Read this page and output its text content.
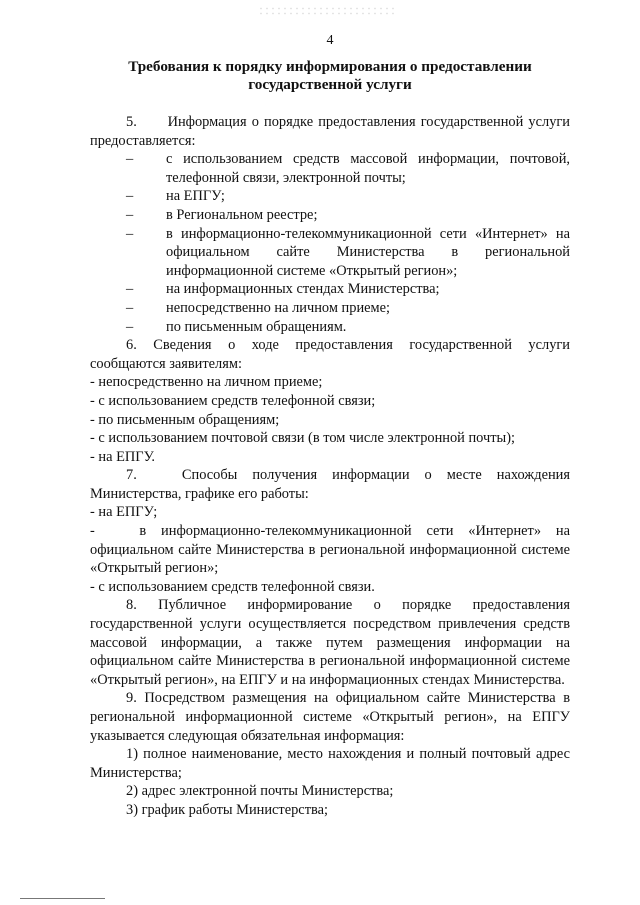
4
Требования к порядку информирования о предоставлении
государственной услуги

5.      Информация о порядке предоставления государственной услуги предоставляется:

–	с использованием средств массовой информации, почтовой, телефонной связи, электронной почты;
–	на ЕПГУ;
–	в Региональном реестре;
–	в информационно-телекоммуникационной сети «Интернет» на официальном сайте Министерства в региональной информационной системе «Открытый регион»;
–	на информационных стендах Министерства;
–	непосредственно на личном приеме;
–	по письменным обращениям.

6. Сведения о ходе предоставления государственной услуги сообщаются заявителям:

- непосредственно на личном приеме;

- с использованием средств телефонной связи;

- по письменным обращениям;

- с использованием почтовой связи (в том числе электронной почты);

- на ЕПГУ.

7.   Способы получения информации о месте нахождения Министерства, графике его работы:

- на ЕПГУ;

-   в информационно-телекоммуникационной сети «Интернет» на официальном сайте Министерства в региональной информационной системе «Открытый регион»;

- с использованием средств телефонной связи.

8. Публичное информирование о порядке предоставления государственной услуги осуществляется посредством привлечения средств массовой информации, а также путем размещения информации на официальном сайте Министерства в региональной информационной системе «Открытый регион», на ЕПГУ и на информационных стендах Министерства.

9. Посредством размещения на официальном сайте Министерства в региональной информационной системе «Открытый регион», на ЕПГУ указывается следующая обязательная информация:

1) полное наименование, место нахождения и полный почтовый адрес Министерства;

2) адрес электронной почты Министерства;

3) график работы Министерства;
